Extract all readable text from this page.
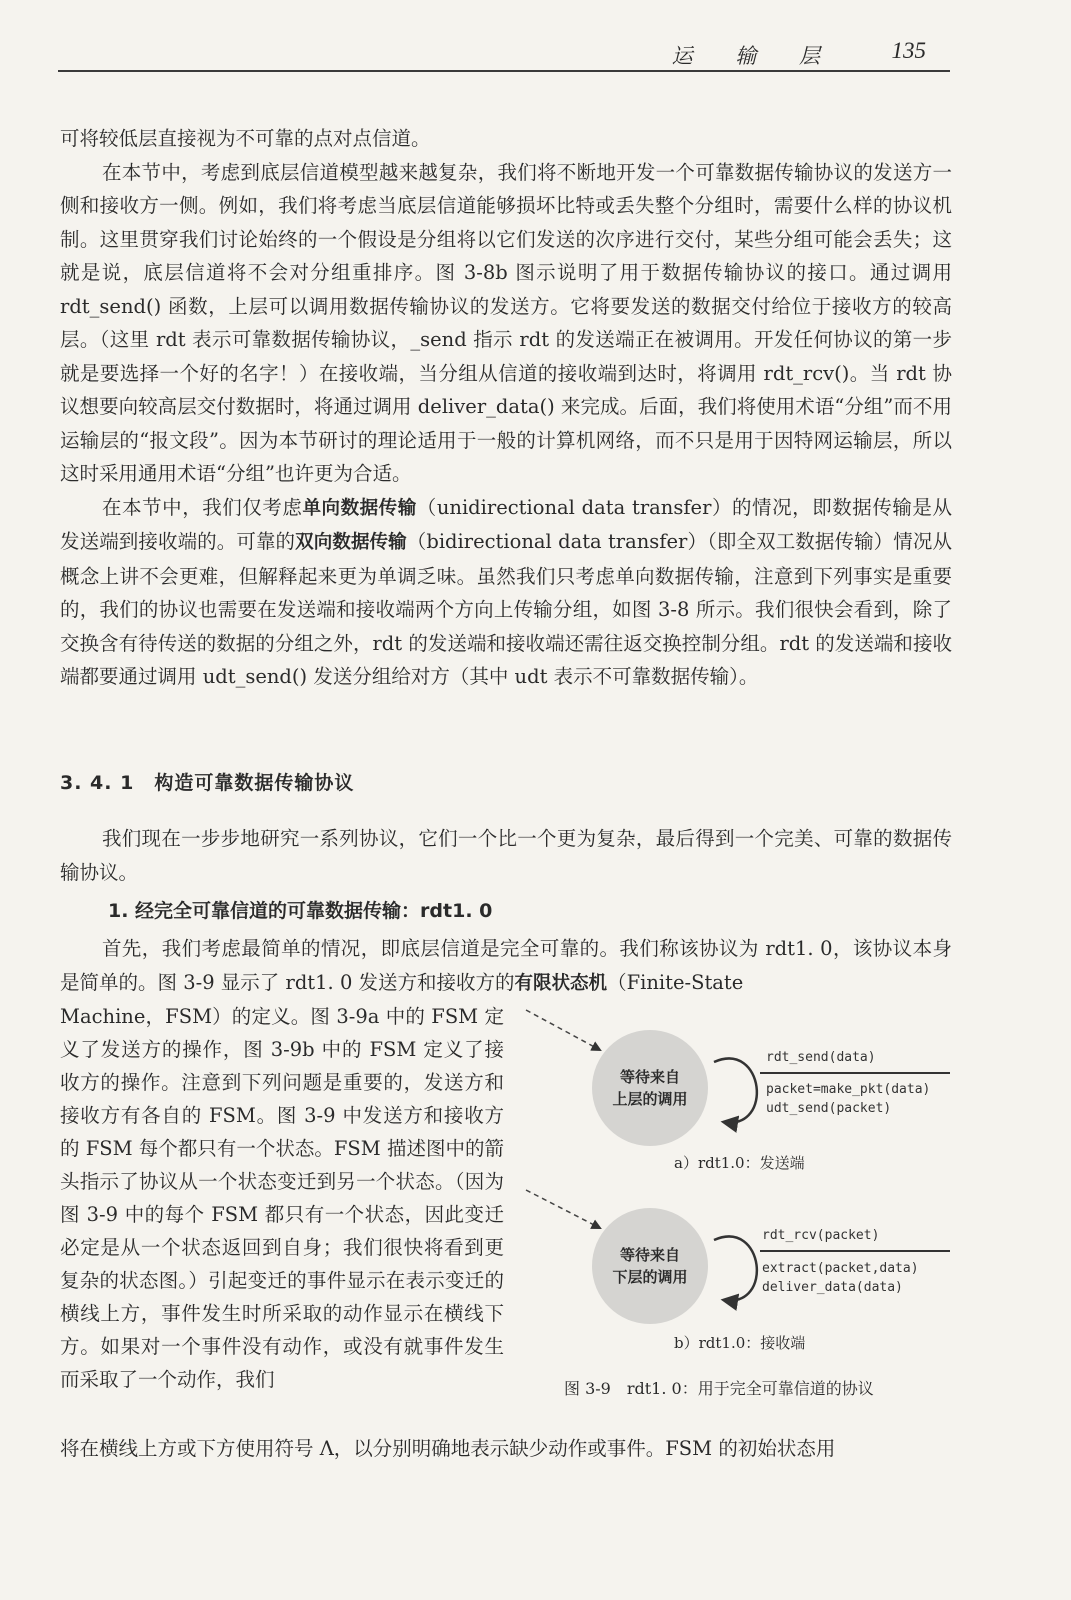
运 输 层 135

可将较低层直接视为不可靠的点对点信道。

在本节中，考虑到底层信道模型越来越复杂，我们将不断地开发一个可靠数据传输协议的发送方一侧和接收方一侧。例如，我们将考虑当底层信道能够损坏比特或丢失整个分组时，需要什么样的协议机制。这里贯穿我们讨论始终的一个假设是分组将以它们发送的次序进行交付，某些分组可能会丢失；这就是说，底层信道将不会对分组重排序。图 3-8b 图示说明了用于数据传输协议的接口。通过调用 rdt_send() 函数，上层可以调用数据传输协议的发送方。它将要发送的数据交付给位于接收方的较高层。（这里 rdt 表示可靠数据传输协议，_send 指示 rdt 的发送端正在被调用。开发任何协议的第一步就是要选择一个好的名字！）在接收端，当分组从信道的接收端到达时，将调用 rdt_rcv()。当 rdt 协议想要向较高层交付数据时，将通过调用 deliver_data() 来完成。后面，我们将使用术语“分组”而不用运输层的“报文段”。因为本节研讨的理论适用于一般的计算机网络，而不只是用于因特网运输层，所以这时采用通用术语“分组”也许更为合适。

在本节中，我们仅考虑单向数据传输（unidirectional data transfer）的情况，即数据传输是从发送端到接收端的。可靠的双向数据传输（bidirectional data transfer）（即全双工数据传输）情况从概念上讲不会更难，但解释起来更为单调乏味。虽然我们只考虑单向数据传输，注意到下列事实是重要的，我们的协议也需要在发送端和接收端两个方向上传输分组，如图 3-8 所示。我们很快会看到，除了交换含有待传送的数据的分组之外，rdt 的发送端和接收端还需往返交换控制分组。rdt 的发送端和接收端都要通过调用 udt_send() 发送分组给对方（其中 udt 表示不可靠数据传输）。

3. 4. 1　构造可靠数据传输协议

我们现在一步步地研究一系列协议，它们一个比一个更为复杂，最后得到一个完美、可靠的数据传输协议。

1. 经完全可靠信道的可靠数据传输：rdt1. 0

首先，我们考虑最简单的情况，即底层信道是完全可靠的。我们称该协议为 rdt1. 0，该协议本身是简单的。图 3-9 显示了 rdt1. 0 发送方和接收方的有限状态机（Finite-State

Machine，FSM）的定义。图 3-9a 中的 FSM 定义了发送方的操作，图 3-9b 中的 FSM 定义了接收方的操作。注意到下列问题是重要的，发送方和接收方有各自的 FSM。图 3-9 中发送方和接收方的 FSM 每个都只有一个状态。FSM 描述图中的箭头指示了协议从一个状态变迁到另一个状态。（因为图 3-9 中的每个 FSM 都只有一个状态，因此变迁必定是从一个状态返回到自身；我们很快将看到更复杂的状态图。）引起变迁的事件显示在表示变迁的横线上方，事件发生时所采取的动作显示在横线下方。如果对一个事件没有动作，或没有就事件发生而采取了一个动作，我们
等待来自
上层的调用
rdt_send(data)
packet=make_pkt(data)
udt_send(packet)
a）rdt1.0：发送端
等待来自
下层的调用
rdt_rcv(packet)
extract(packet,data)
deliver_data(data)
b）rdt1.0：接收端
图 3-9　rdt1. 0：用于完全可靠信道的协议
将在横线上方或下方使用符号 Λ，以分别明确地表示缺少动作或事件。FSM 的初始状态用
